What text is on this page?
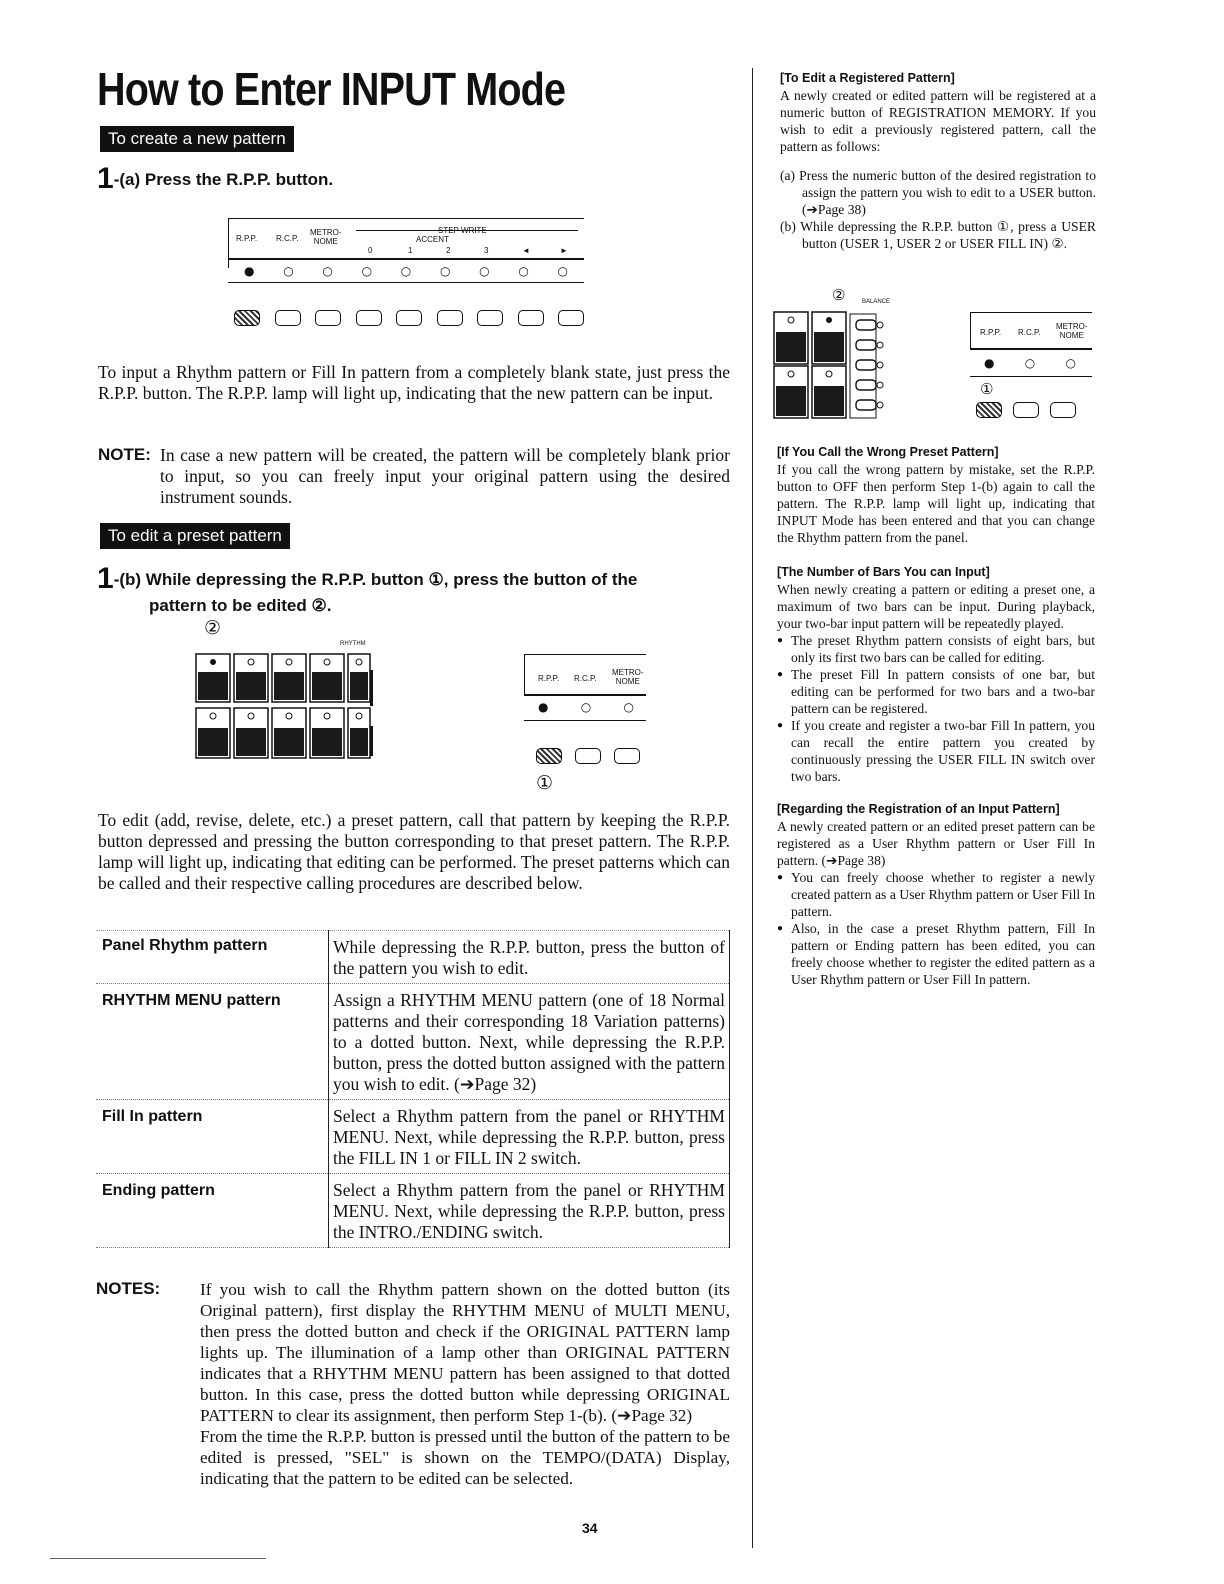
How to Enter INPUT Mode
To create a new pattern
1-(a) Press the R.P.P. button.
R.P.P. R.C.P.
METRO-
NOME	ACCENT
0	1	2	3	◄	►
● ○ ○ ○ ○ ○ ○ ○ ○
To input a Rhythm pattern or Fill In pattern from a completely blank state, just press the R.P.P. button. The R.P.P. lamp will light up, indicating that the new pattern can be input.
NOTE: In case a new pattern will be created, the pattern will be completely blank prior to input, so you can freely input your original pattern using the desired instrument sounds.
To edit a preset pattern
1-(b) While depressing the R.P.P. button ①, press the button of the
pattern to be edited ②.
②
RHYTHM
R.P.P. R.C.P.
METRO-
NOME
●	○	○
①
To edit (add, revise, delete, etc.) a preset pattern, call that pattern by keeping the R.P.P. button depressed and pressing the button corresponding to that preset pattern. The R.P.P. lamp will light up, indicating that editing can be performed. The preset patterns which can be called and their respective calling procedures are described below.
Panel Rhythm pattern	While depressing the R.P.P. button, press the button of the pattern you wish to edit.
RHYTHM MENU pattern	Assign a RHYTHM MENU pattern (one of 18 Normal patterns and their corresponding 18 Variation patterns) to a dotted button. Next, while depressing the R.P.P. button, press the dotted button assigned with the pattern you wish to edit. (➔Page 32)
Fill In pattern	Select a Rhythm pattern from the panel or RHYTHM MENU. Next, while depressing the R.P.P. button, press the FILL IN 1 or FILL IN 2 switch.
Ending pattern	Select a Rhythm pattern from the panel or RHYTHM MENU. Next, while depressing the R.P.P. button, press the INTRO./ENDING switch.
NOTES: If you wish to call the Rhythm pattern shown on the dotted button (its Original pattern), first display the RHYTHM MENU of MULTI MENU, then press the dotted button and check if the ORIGINAL PATTERN lamp lights up. The illumination of a lamp other than ORIGINAL PATTERN indicates that a RHYTHM MENU pattern has been assigned to that dotted button. In this case, press the dotted button while depressing ORIGINAL PATTERN to clear its assignment, then perform Step 1-(b). (➔Page 32)
From the time the R.P.P. button is pressed until the button of the pattern to be edited is pressed, "SEL" is shown on the TEMPO/(DATA) Display, indicating that the pattern to be edited can be selected.
34
[To Edit a Registered Pattern]
A newly created or edited pattern will be registered at a numeric button of REGISTRATION MEMORY. If you wish to edit a previously registered pattern, call the pattern as follows:
(a) Press the numeric button of the desired registration to assign the pattern you wish to edit to a USER button. (➔Page 38)
(b) While depressing the R.P.P. button ①, press a USER button (USER 1, USER 2 or USER FILL IN) ②.
②	BALANCE
R.P.P. R.C.P.
METRO-
NOME
●	○	○
①
[If You Call the Wrong Preset Pattern]
If you call the wrong pattern by mistake, set the R.P.P. button to OFF then perform Step 1-(b) again to call the pattern. The R.P.P. lamp will light up, indicating that INPUT Mode has been entered and that you can change the Rhythm pattern from the panel.
[The Number of Bars You can Input]
When newly creating a pattern or editing a preset one, a maximum of two bars can be input. During playback, your two-bar input pattern will be repeatedly played.
● The preset Rhythm pattern consists of eight bars, but only its first two bars can be called for editing.
● The preset Fill In pattern consists of one bar, but editing can be performed for two bars and a two-bar pattern can be registered.
● If you create and register a two-bar Fill In pattern, you can recall the entire pattern you created by continuously pressing the USER FILL IN switch over two bars.
[Regarding the Registration of an Input Pattern]
A newly created pattern or an edited preset pattern can be registered as a User Rhythm pattern or User Fill In pattern. (➔Page 38)
● You can freely choose whether to register a newly created pattern as a User Rhythm pattern or User Fill In pattern.
● Also, in the case a preset Rhythm pattern, Fill In pattern or Ending pattern has been edited, you can freely choose whether to register the edited pattern as a User Rhythm pattern or User Fill In pattern.
